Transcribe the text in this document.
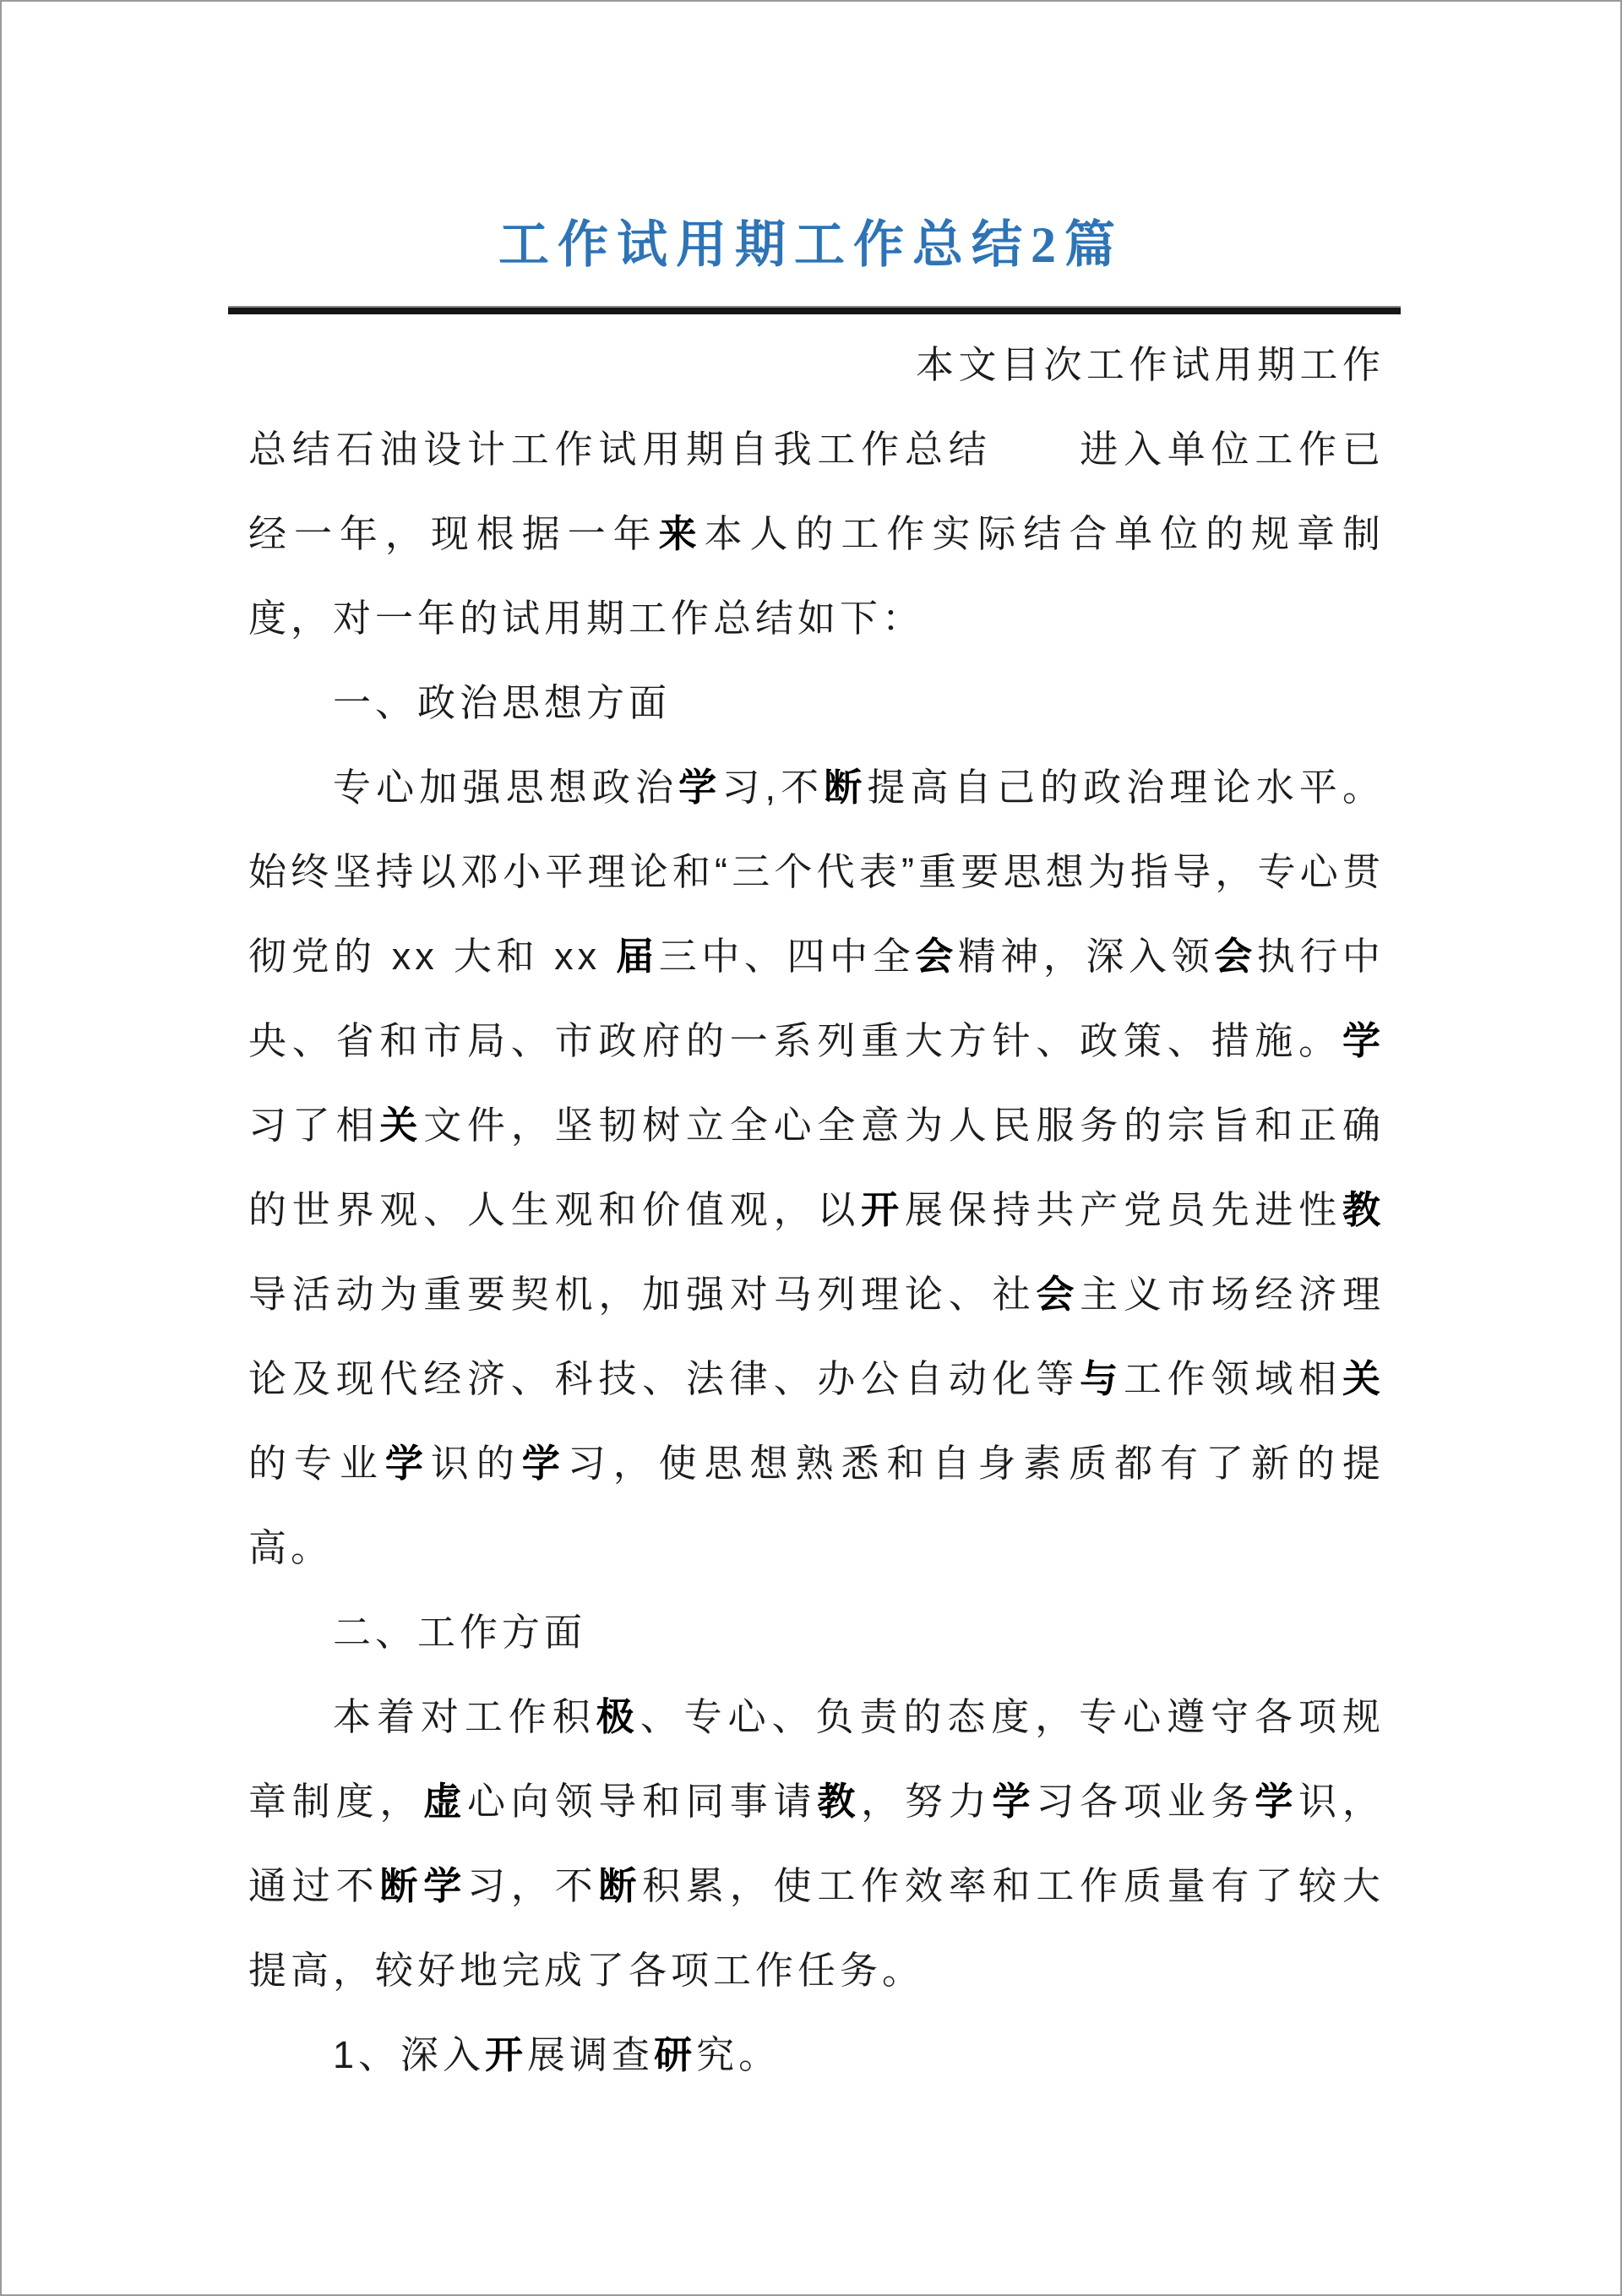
工作试用期工作总结2篇

本文目次工作试用期工作总结石油设计工作试用期自我工作总结　　进入单位工作已经一年，现根据一年来本人的工作实际结合单位的规章制度，对一年的试用期工作总结如下：

一、政治思想方面

专心加强思想政治学习,不断提高自己的政治理论水平。始终坚持以邓小平理论和“三个代表”重要思想为指导，专心贯彻党的 xx 大和 xx 届三中、四中全会精神，深入领会执行中央、省和市局、市政府的一系列重大方针、政策、措施。学习了相关文件，坚韧树立全心全意为人民服务的宗旨和正确的世界观、人生观和价值观，以开展保持共产党员先进性教导活动为重要契机，加强对马列理论、社会主义市场经济理论及现代经济、科技、法律、办公自动化等与工作领域相关的专业学识的学习，使思想熟悉和自身素质都有了新的提高。

二、工作方面

本着对工作积极、专心、负责的态度，专心遵守各项规章制度，虚心向领导和同事请教，努力学习各项业务学识，通过不断学习，不断积累，使工作效率和工作质量有了较大提高，较好地完成了各项工作任务。

1、深入开展调查研究。
